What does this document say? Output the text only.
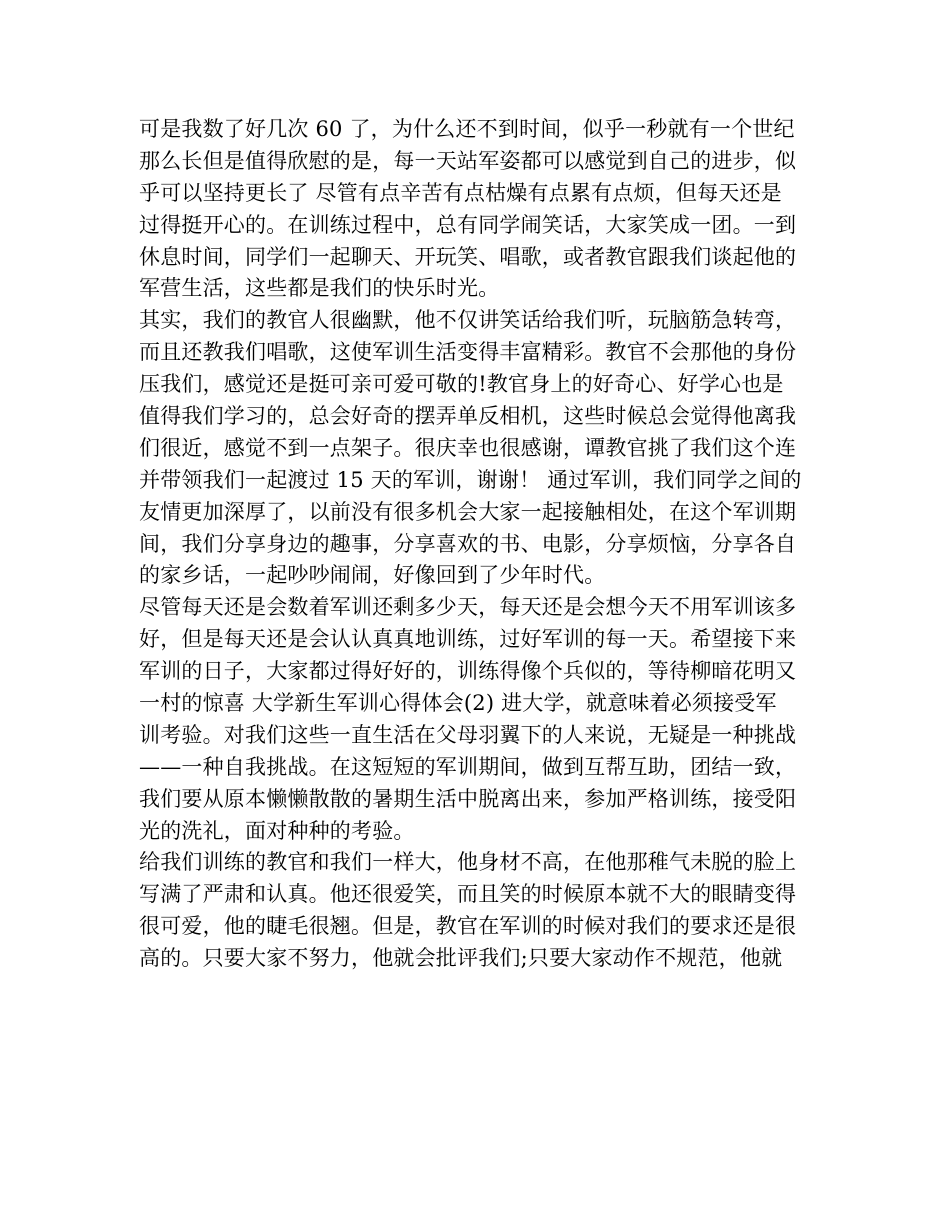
可是我数了好几次 60 了，为什么还不到时间，似乎一秒就有一个世纪
那么长但是值得欣慰的是，每一天站军姿都可以感觉到自己的进步，似
乎可以坚持更长了 尽管有点辛苦有点枯燥有点累有点烦，但每天还是
过得挺开心的。在训练过程中，总有同学闹笑话，大家笑成一团。一到
休息时间，同学们一起聊天、开玩笑、唱歌，或者教官跟我们谈起他的
军营生活，这些都是我们的快乐时光。
其实，我们的教官人很幽默，他不仅讲笑话给我们听，玩脑筋急转弯，
而且还教我们唱歌，这使军训生活变得丰富精彩。教官不会那他的身份
压我们，感觉还是挺可亲可爱可敬的!教官身上的好奇心、好学心也是
值得我们学习的，总会好奇的摆弄单反相机，这些时候总会觉得他离我
们很近，感觉不到一点架子。很庆幸也很感谢，谭教官挑了我们这个连
并带领我们一起渡过 15 天的军训，谢谢！ 通过军训，我们同学之间的
友情更加深厚了，以前没有很多机会大家一起接触相处，在这个军训期
间，我们分享身边的趣事，分享喜欢的书、电影，分享烦恼，分享各自
的家乡话，一起吵吵闹闹，好像回到了少年时代。
尽管每天还是会数着军训还剩多少天，每天还是会想今天不用军训该多
好，但是每天还是会认认真真地训练，过好军训的每一天。希望接下来
军训的日子，大家都过得好好的，训练得像个兵似的，等待柳暗花明又
一村的惊喜 大学新生军训心得体会(2) 进大学，就意味着必须接受军
训考验。对我们这些一直生活在父母羽翼下的人来说，无疑是一种挑战
——一种自我挑战。在这短短的军训期间，做到互帮互助，团结一致，
我们要从原本懒懒散散的暑期生活中脱离出来，参加严格训练，接受阳
光的洗礼，面对种种的考验。
给我们训练的教官和我们一样大，他身材不高，在他那稚气未脱的脸上
写满了严肃和认真。他还很爱笑，而且笑的时候原本就不大的眼睛变得
很可爱，他的睫毛很翘。但是，教官在军训的时候对我们的要求还是很
高的。只要大家不努力，他就会批评我们;只要大家动作不规范，他就
